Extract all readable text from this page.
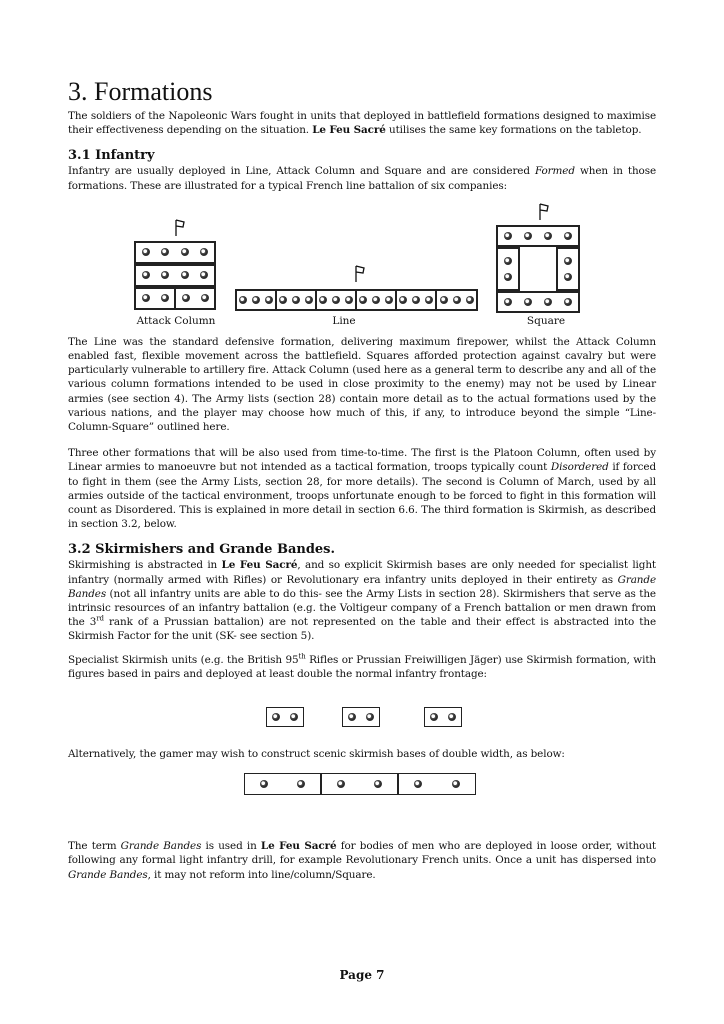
3. Formations

The soldiers of the Napoleonic Wars fought in units that deployed in battlefield formations designed to maximise their effectiveness depending on the situation. Le Feu Sacré utilises the same key formations on the tabletop.

3.1 Infantry

Infantry are usually deployed in Line, Attack Column and Square and are considered Formed when in those formations. These are illustrated for a typical French line battalion of six companies:

Attack Column	Line	Square

The Line was the standard defensive formation, delivering maximum firepower, whilst the Attack Column enabled fast, flexible movement across the battlefield. Squares afforded protection against cavalry but were particularly vulnerable to artillery fire. Attack Column (used here as a general term to describe any and all of the various column formations intended to be used in close proximity to the enemy) may not be used by Linear armies (see section 4). The Army lists (section 28) contain more detail as to the actual formations used by the various nations, and the player may choose how much of this, if any, to introduce beyond the simple “Line-Column-Square” outlined here.

Three other formations that will be also used from time-to-time. The first is the Platoon Column, often used by Linear armies to manoeuvre but not intended as a tactical formation, troops typically count Disordered if forced to fight in them (see the Army Lists, section 28, for more details). The second is Column of March, used by all armies outside of the tactical environment, troops unfortunate enough to be forced to fight in this formation will count as Disordered. This is explained in more detail in section 6.6. The third formation is Skirmish, as described in section 3.2, below.

3.2 Skirmishers and Grande Bandes.

Skirmishing is abstracted in Le Feu Sacré, and so explicit Skirmish bases are only needed for specialist light infantry (normally armed with Rifles) or Revolutionary era infantry units deployed in their entirety as Grande Bandes (not all infantry units are able to do this- see the Army Lists in section 28). Skirmishers that serve as the intrinsic resources of an infantry battalion (e.g. the Voltigeur company of a French battalion or men drawn from the 3rd rank of a Prussian battalion) are not represented on the table and their effect is abstracted into the Skirmish Factor for the unit (SK- see section 5).

Specialist Skirmish units (e.g. the British 95th Rifles or Prussian Freiwilligen Jäger) use Skirmish formation, with figures based in pairs and deployed at least double the normal infantry frontage:

Alternatively, the gamer may wish to construct scenic skirmish bases of double width, as below:

The term Grande Bandes is used in Le Feu Sacré for bodies of men who are deployed in loose order, without following any formal light infantry drill, for example Revolutionary French units. Once a unit has dispersed into Grande Bandes, it may not reform into line/column/Square.

Page 7
